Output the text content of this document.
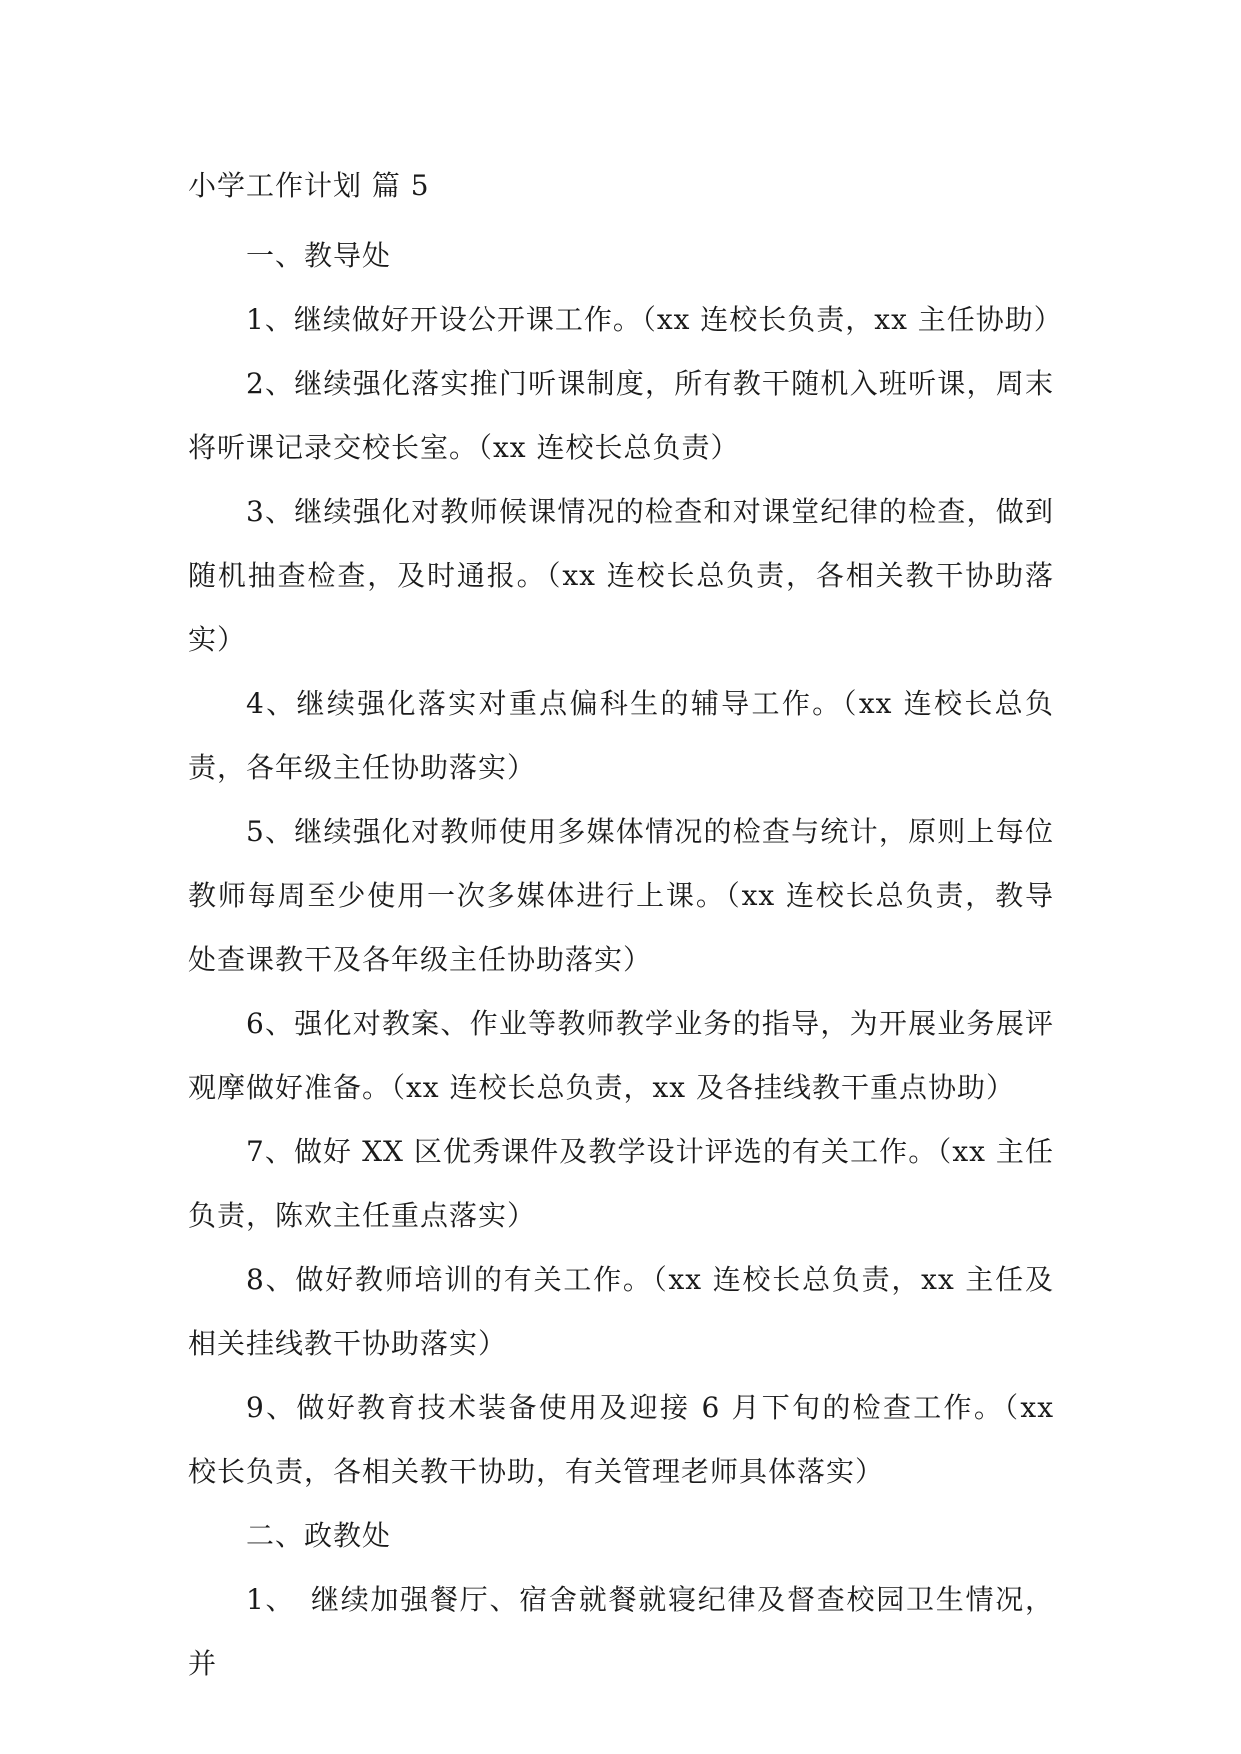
小学工作计划 篇 5

一、教导处

1、继续做好开设公开课工作。（xx 连校长负责，xx 主任协助）

2、继续强化落实推门听课制度，所有教干随机入班听课，周末将听课记录交校长室。（xx 连校长总负责）

3、继续强化对教师候课情况的检查和对课堂纪律的检查，做到随机抽查检查，及时通报。（xx 连校长总负责，各相关教干协助落实）

4、继续强化落实对重点偏科生的辅导工作。（xx 连校长总负责，各年级主任协助落实）

5、继续强化对教师使用多媒体情况的检查与统计，原则上每位教师每周至少使用一次多媒体进行上课。（xx 连校长总负责，教导处查课教干及各年级主任协助落实）

6、强化对教案、作业等教师教学业务的指导，为开展业务展评观摩做好准备。（xx 连校长总负责，xx 及各挂线教干重点协助）

7、做好 XX 区优秀课件及教学设计评选的有关工作。（xx 主任负责，陈欢主任重点落实）

8、做好教师培训的有关工作。（xx 连校长总负责，xx 主任及相关挂线教干协助落实）

9、做好教育技术装备使用及迎接 6 月下旬的检查工作。（xx 校长负责，各相关教干协助，有关管理老师具体落实）

二、政教处

1、　继续加强餐厅、宿舍就餐就寝纪律及督查校园卫生情况，并
